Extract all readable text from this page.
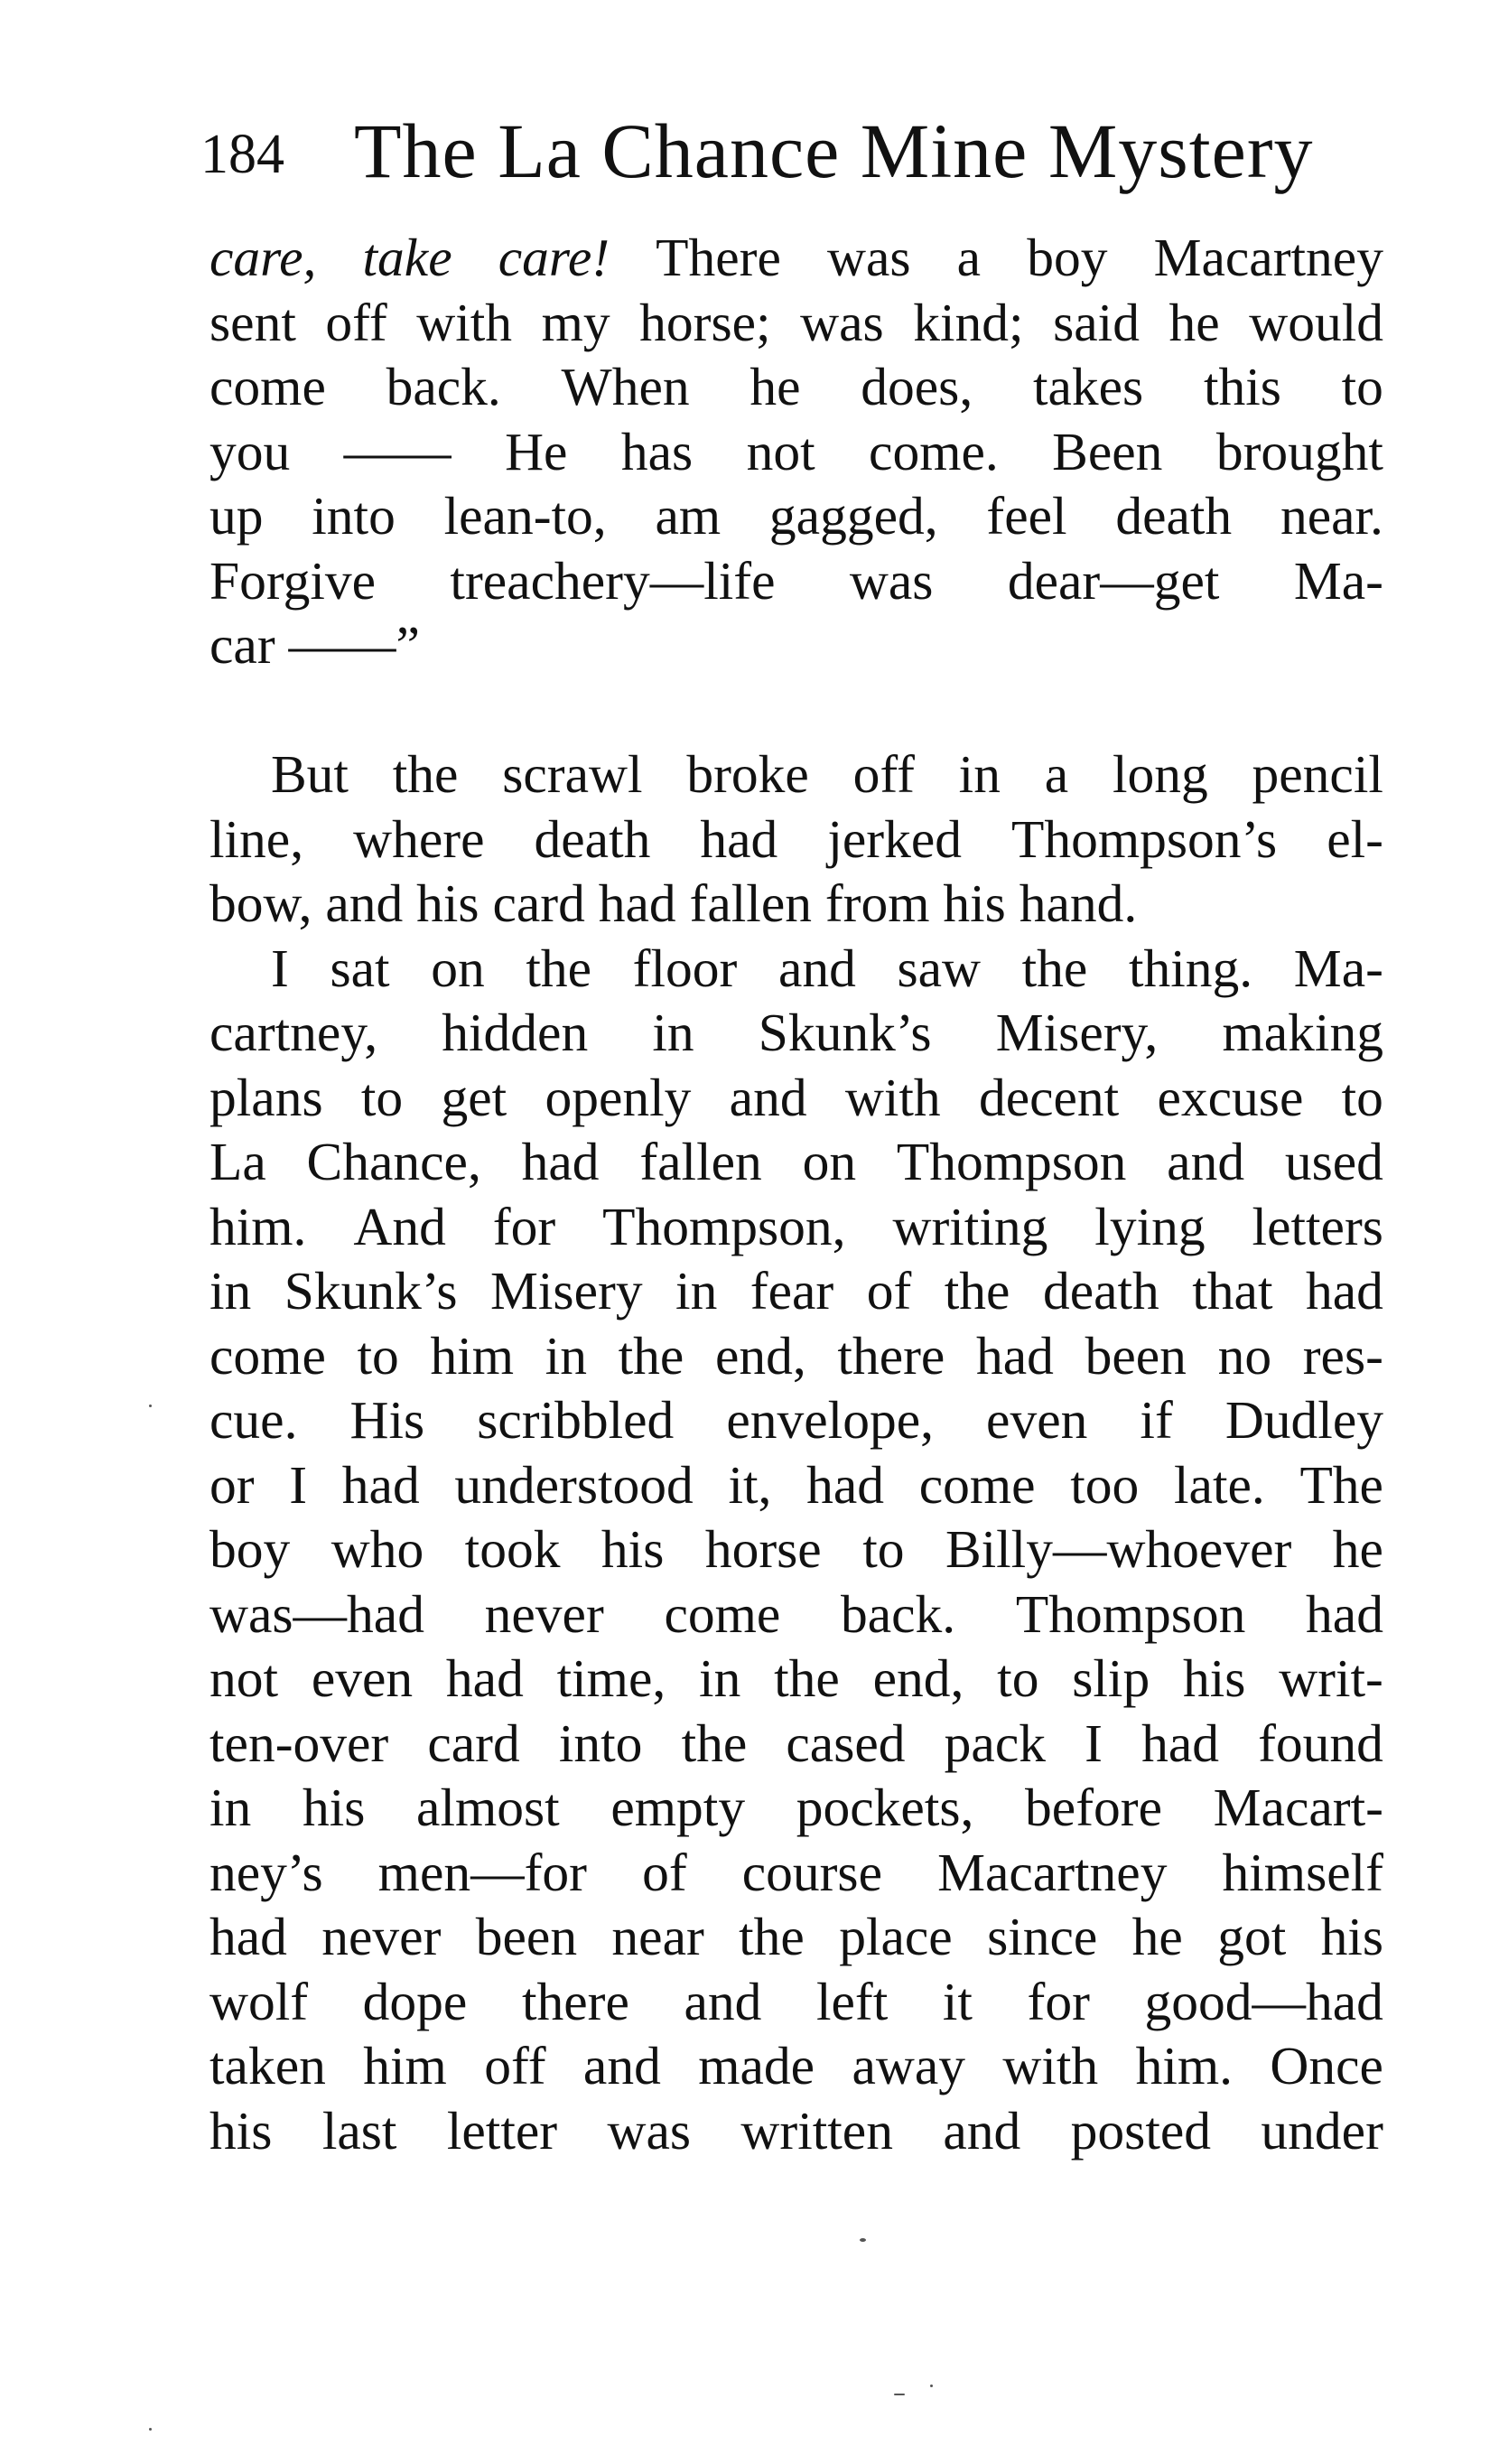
184 The La Chance Mine Mystery
care, take care! There was a boy Macartney
sent off with my horse; was kind; said he would
come back. When he does, takes this to
you —— He has not come. Been brought
up into lean-to, am gagged, feel death near.
Forgive treachery—life was dear—get Ma-
car ——”
But the scrawl broke off in a long pencil
line, where death had jerked Thompson’s el-
bow, and his card had fallen from his hand.
I sat on the floor and saw the thing. Ma-
cartney, hidden in Skunk’s Misery, making
plans to get openly and with decent excuse to
La Chance, had fallen on Thompson and used
him. And for Thompson, writing lying letters
in Skunk’s Misery in fear of the death that had
come to him in the end, there had been no res-
cue. His scribbled envelope, even if Dudley
or I had understood it, had come too late. The
boy who took his horse to Billy—whoever he
was—had never come back. Thompson had
not even had time, in the end, to slip his writ-
ten-over card into the cased pack I had found
in his almost empty pockets, before Macart-
ney’s men—for of course Macartney himself
had never been near the place since he got his
wolf dope there and left it for good—had
taken him off and made away with him. Once
his last letter was written and posted under
